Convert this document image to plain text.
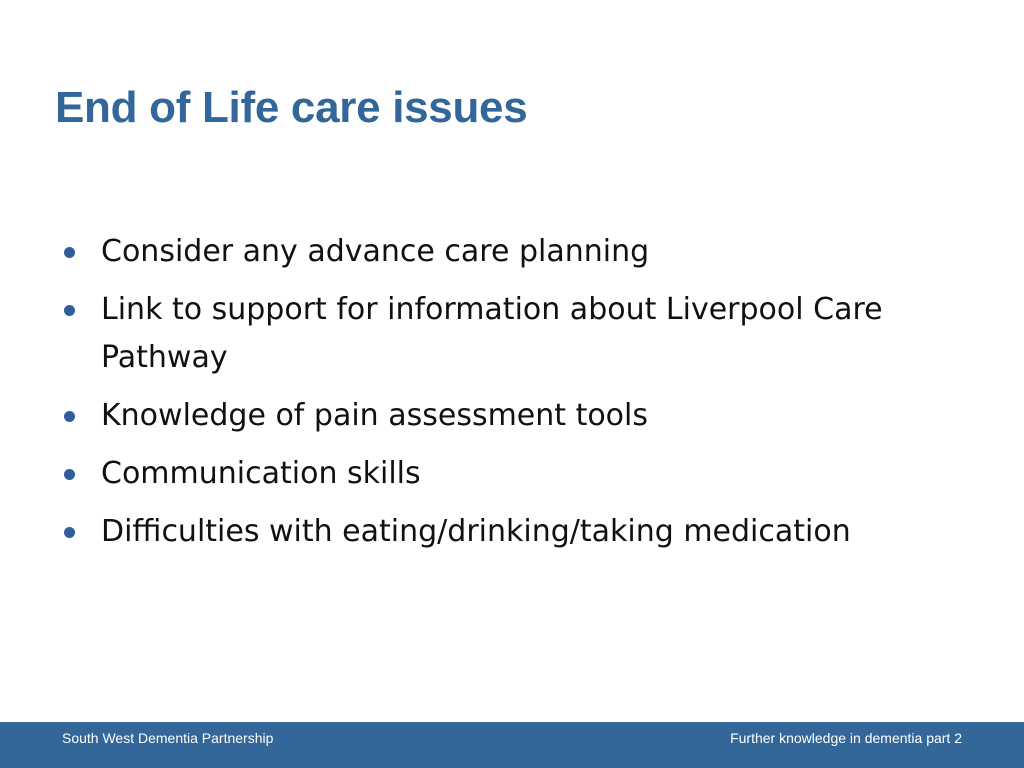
End of Life care issues
Consider any advance care planning
Link to support for information about Liverpool Care Pathway
Knowledge of pain assessment tools
Communication skills
Difficulties with eating/drinking/taking medication
South West Dementia Partnership	Further knowledge in dementia part 2
